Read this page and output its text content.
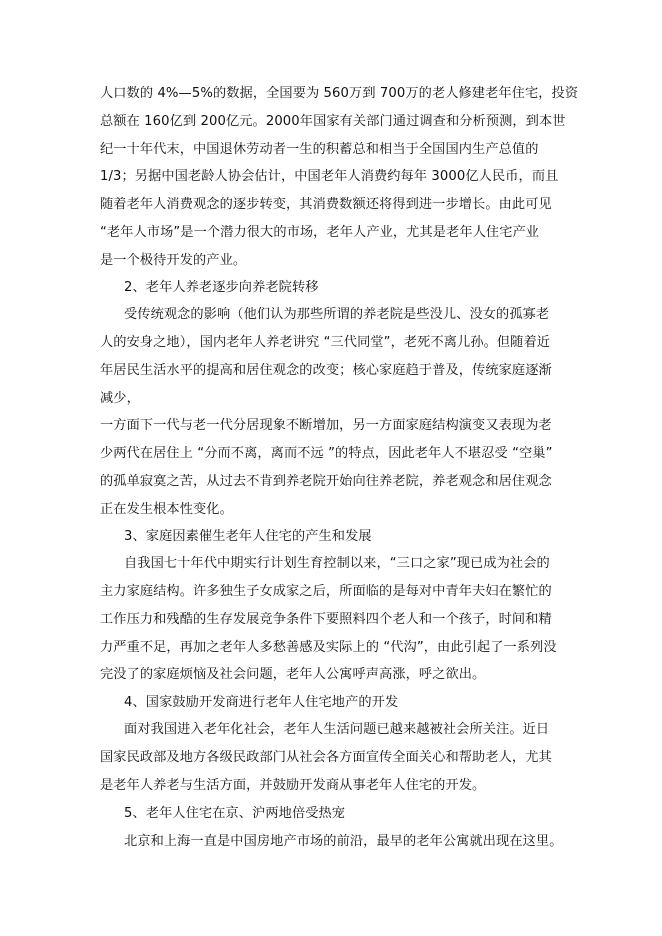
人口数的 4%—5%的数据，全国要为 560万到 700万的老人修建老年住宅，投资
总额在 160亿到 200亿元。2000年国家有关部门通过调查和分析预测，到本世
纪一十年代末，中国退休劳动者一生的积蓄总和相当于全国国内生产总值的
1/3；另据中国老龄人协会估计，中国老年人消费约每年 3000亿人民币，而且
随着老年人消费观念的逐步转变，其消费数额还将得到进一步增长。由此可见
“老年人市场”是一个潜力很大的市场，老年人产业，尤其是老年人住宅产业
是一个极待开发的产业。
2、老年人养老逐步向养老院转移
受传统观念的影响（他们认为那些所谓的养老院是些没儿、没女的孤寡老
人的安身之地），国内老年人养老讲究 “三代同堂”，老死不离儿孙。但随着近
年居民生活水平的提高和居住观念的改变；核心家庭趋于普及，传统家庭逐渐
减少，
一方面下一代与老一代分居现象不断增加，另一方面家庭结构演变又表现为老
少两代在居住上 “分而不离，离而不远 ”的特点，因此老年人不堪忍受 “空巢”
的孤单寂寞之苦，从过去不肯到养老院开始向往养老院，养老观念和居住观念
正在发生根本性变化。
3、家庭因素催生老年人住宅的产生和发展
自我国七十年代中期实行计划生育控制以来，“三口之家”现已成为社会的
主力家庭结构。许多独生子女成家之后，所面临的是每对中青年夫妇在繁忙的
工作压力和残酷的生存发展竞争条件下要照料四个老人和一个孩子，时间和精
力严重不足，再加之老年人多愁善感及实际上的 “代沟”，由此引起了一系列没
完没了的家庭烦恼及社会问题，老年人公寓呼声高涨，呼之欲出。
4、国家鼓励开发商进行老年人住宅地产的开发
面对我国进入老年化社会，老年人生活问题已越来越被社会所关注。近日
国家民政部及地方各级民政部门从社会各方面宣传全面关心和帮助老人，尤其
是老年人养老与生活方面，并鼓励开发商从事老年人住宅的开发。
5、老年人住宅在京、沪两地倍受热宠
北京和上海一直是中国房地产市场的前沿，最早的老年公寓就出现在这里。
